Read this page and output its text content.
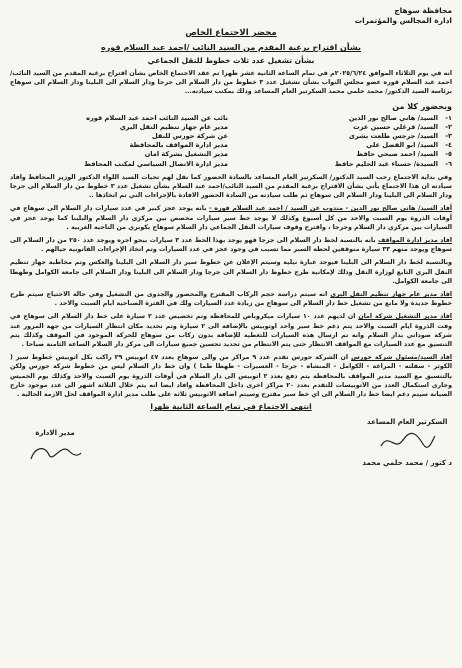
محافظة سوهاج
ادارة المجالس والمؤتمرات
محضر الاجتماع الخاص
بشأن اقتراح برغبة المقدم من السيد النائب /احمد عبد السلام قوره
بشأن تشغيل عدد ثلاث خطوط للنقل الجماعي

انه في يوم الثلاثاء الموافق ٢٠٢٥/٦/٢٤م في تمام الساعة الثانية عشر ظهرا تم عقد الاجتماع الخاص بشأن اقتراح برغبة المقدم من السيد النائب/ احمد عبد السلام قوره عضو مجلس النواب بشأن تشغيل عدد ٣ خطوط من دار السلام الى جرجا ودار السلام الى البلينا ودار السلام الى سوهاج برئاسة السيد الدكتور/ محمد حلمي محمد السكرتير العام المساعد وذلك بمكتب سيادته...

وبحضور كلا من
١-
السيد/ هاني صالح نور الدين
نائب عن السيد النائب احمد عبد السلام قوره
٢-
السيد/ فرغلي حسين عزت
مدير عام جهاز تنظيم النقل البري
٣-
السيد/ جرجس طلعت بشرى
عن شركة حورس للنقل
٤-
السيد/ ابو الفضل علي
مدير ادارة المواقف بالمحافظة
٥-
السيد/ احمد صبحي حافظ
مدير التشغيل بشركة امان
٦-
السيدة/ حسناء عبد الحليم حافظ
مدير ادارة الاتصال السياسي لمكتب المحافظ

وفي بداية الاجتماع رحب السيد الدكتور/ السكرتير العام المساعد بالسادة الحضور كما نقل لهم تحيات السيد اللواء الدكتور الوزير المحافظ وافاد سيادته ان هذا الاجتماع يأتي بشأن الاقتراح برغبة المقدم من السيد النائب/احمد عبد السلام بشأن تشغيل عدد ٣ خطوط من دار السلام الى جرجا ودار السلام الى البلينا ودار السلام الى سوهاج ثم طلب سيادته من السادة الحضور الافادة بالإجراءات التي تم اتخاذها ..

أفاد السيد/ هاني صالح نور الدين - مندوب عن السيد / احمد عبد السلام قوره - بانه يوجد عجز كبير في عدد سيارات دار السلام الى سوهاج في أوقات الذروة يوم السبت والاحد من كل أسبوع وكذلك لا يوجد خط سير سيارات مخصص بين مركزي دار السلام والبلينا كما يوجد عجز في السيارات بين مركزي دار السلام وجرجا ، واقترح وقوف سيارات النقل الجماعي دار السلام سوهاج بكوبري من الناحية الغربية .

افاد مدير ادارة المواقف بانه بالنسبة لخط دار السلام الى جرجا فهو يوجد بهذا الخط عدد ٣ سيارات بيجو اجره ويوجد عدد ٢٥٠ من دار السلام الى سوهاج ويوجد منهم ٣٣ سيارة متوقفين لحظة السير مما تسبب في وجود عجز في عدد السيارات وتم اتخاذ الإجراءات القانونية حيالهم .

وبالنسبة لخط دار السلام الى البلينا فيوجد عبارة نيلية وسيتم الإعلان عن خطوط سير دار السلام الى البلينا والعكس وتم مخاطبة جهاز تنظيم النقل البري التابع لوزارة النقل وذلك لإمكانية طرح خطوط دار السلام الى جرجا ودار السلام الى البلينا ودار السلام الى جامعة الكوامل وطهطا الى جامعة الكوامل.

افاد مدير عام جهاز تنظيم النقل البري انه سيتم دراسة حجم الركاب المقترح والمحصور والجدوى من التشغيل وفي حالة الاحتياج سيتم طرح خطوط جديدة ولا مانع من تشغيل خط دار السلام الى سوهاج من زيادة عدد السيارات ولك في الفترة الصباحية ايام السبت والاحد .

افاد مدير التشغيل شركة امان ان لديهم عدد ١٠ سيارات ميكروباص للمحافظة وتم تخصيص عدد ٢ سيارة على خط دار السلام الى سوهاج في وقت الذروة ايام السبت والاحد يتم دعم خط سير واحد اوتوبيس بالإضافة الى ٢ سيارة وتم تحديد مكان انتظار السيارات من جهة المرور عند شركة صوداتي بدار السلام وانه تم ارسال هذه السيارات للتغطية للإضافة بدون ركاب من سوهاج للحركة الموجود في الموقف وكذلك يتم التنسيق مع عدد السيارات مع المواقف الانتظار حتى يتم الانتظام من تحديد تحسين جميع سيارات الى مركز دار السلام الساعة الثامنة صباحا .

افاد السيد/مسئول شركة حورس ان الشركة حورس تقدم عدد ٩ مراكز من والى سوهاج بعدد ٤٧ اتوبيس ٢٩ راكب بكل اتوبيس خطوط سير ( الكوثر - سقلته - المراغة - الكوامل - المنشاه - جرجا - العسيرات - طهطا طما ) وان خط دار السلام ليس من خطوط شركة حورس ولكن بالتنسيق مع السيد مدير المواقف بالمحافظة يتم دفع بعدد ٢ اتوبيس الى دار السلام في أوقات الذروة يوم السبت والاحد وكذلك يوم الخميس وجارى استكمال العدد من الاتوبيسات للتقدم بعدد ٢٠ مراكز اخرى داخل المحافظة وافاد ايضا انه يتم خلال الثلاثة اشهر الى عدد موجود خارج الصيانة سيتم دعم ايضا خط دار السلام الى اي خط سير مقترح وسيتم اضافة الاتوبيس ثلاثة على طلب مدير ادارة المواقف لحل الازمة الحالية .

انتهى الاجتماع في تمام الساعة الثانية ظهرا
السكرتير العام المساعد
د كتور / محمد حلمي محمد
مدير الادارة
